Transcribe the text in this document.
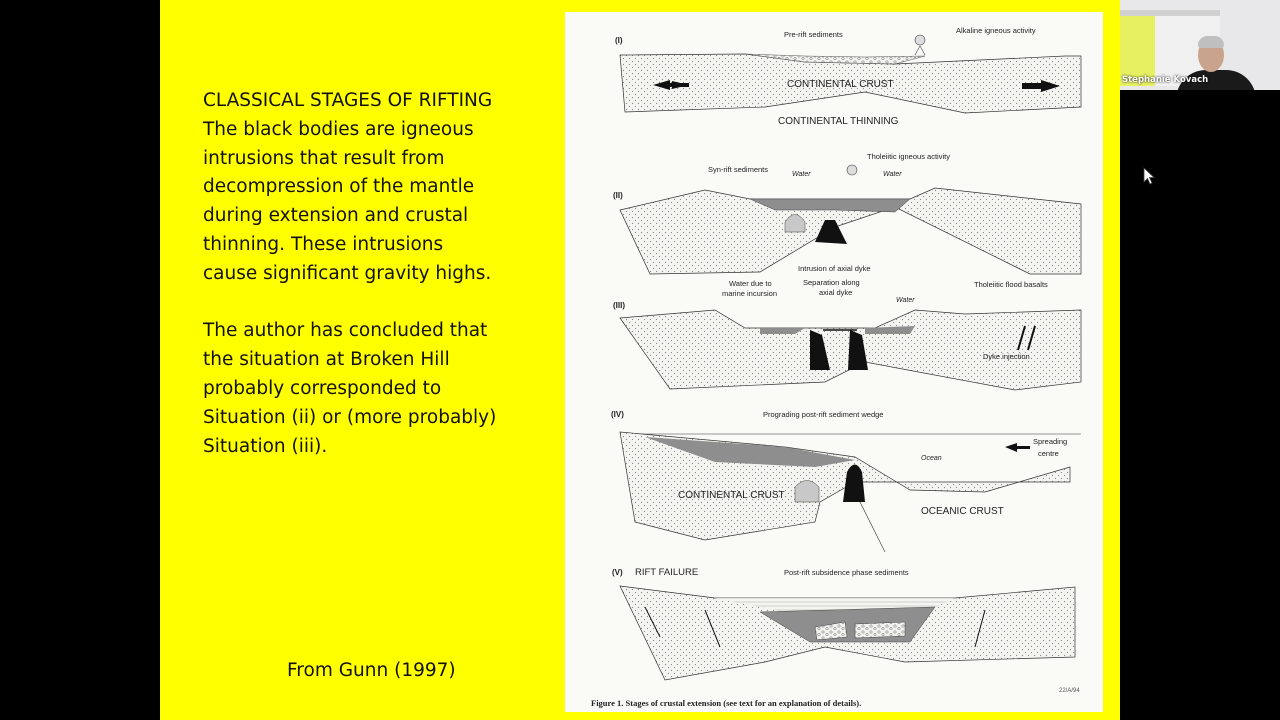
CLASSICAL STAGES OF RIFTING

The black bodies are igneous

intrusions that result from

decompression of the mantle

during extension and crustal

thinning. These intrusions

cause significant gravity highs.

The author has concluded that

the situation at Broken Hill

probably corresponded to

Situation (ii) or (more probably)

Situation (iii).

From Gunn (1997)
(I)
Pre-rift sediments	Alkaline igneous activity
CONTINENTAL CRUST
CONTINENTAL THINNING
(II)
Syn-rift sediments
Water
Tholeiitic igneous activity
Water
Intrusion of axial dyke
(III)
Water due to
marine incursion
Separation along
axial dyke
Water
Tholeiitic flood basalts
Dyke injection
(IV)	Prograding post-rift sediment wedge
Ocean
Spreading
centre
CONTINENTAL CRUST
OCEANIC CRUST
(V) RIFT FAILURE	Post-rift subsidence phase sediments
22/A/94
Figure 1. Stages of crustal extension (see text for an explanation of details).
Stephanie Kovach
